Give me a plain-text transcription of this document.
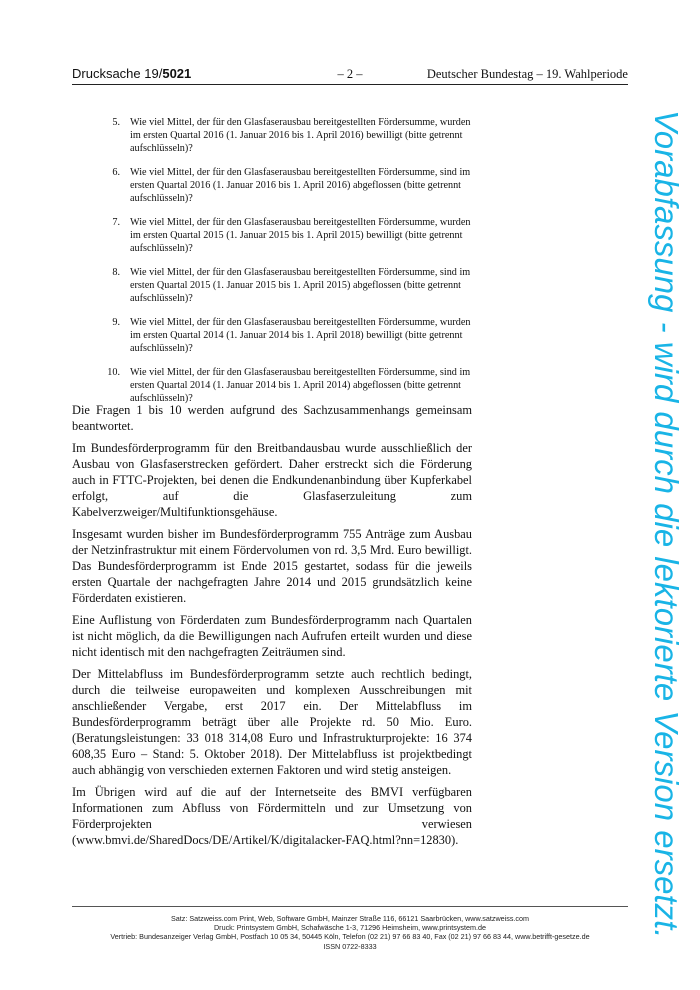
Drucksache 19/5021	– 2 –	Deutscher Bundestag – 19. Wahlperiode
5. Wie viel Mittel, der für den Glasfaserausbau bereitgestellten Fördersumme, wurden im ersten Quartal 2016 (1. Januar 2016 bis 1. April 2016) bewilligt (bitte getrennt aufschlüsseln)?
6. Wie viel Mittel, der für den Glasfaserausbau bereitgestellten Fördersumme, sind im ersten Quartal 2016 (1. Januar 2016 bis 1. April 2016) abgeflossen (bitte getrennt aufschlüsseln)?
7. Wie viel Mittel, der für den Glasfaserausbau bereitgestellten Fördersumme, wurden im ersten Quartal 2015 (1. Januar 2015 bis 1. April 2015) bewilligt (bitte getrennt aufschlüsseln)?
8. Wie viel Mittel, der für den Glasfaserausbau bereitgestellten Fördersumme, sind im ersten Quartal 2015 (1. Januar 2015 bis 1. April 2015) abgeflossen (bitte getrennt aufschlüsseln)?
9. Wie viel Mittel, der für den Glasfaserausbau bereitgestellten Fördersumme, wurden im ersten Quartal 2014 (1. Januar 2014 bis 1. April 2018) bewilligt (bitte getrennt aufschlüsseln)?
10. Wie viel Mittel, der für den Glasfaserausbau bereitgestellten Fördersumme, sind im ersten Quartal 2014 (1. Januar 2014 bis 1. April 2014) abgeflossen (bitte getrennt aufschlüsseln)?

Die Fragen 1 bis 10 werden aufgrund des Sachzusammenhangs gemeinsam beantwortet.

Im Bundesförderprogramm für den Breitbandausbau wurde ausschließlich der Ausbau von Glasfaserstrecken gefördert. Daher erstreckt sich die Förderung auch in FTTC-Projekten, bei denen die Endkundenanbindung über Kupferkabel erfolgt, auf die Glasfaserzuleitung zum Kabelverzweiger/Multifunktionsgehäuse.

Insgesamt wurden bisher im Bundesförderprogramm 755 Anträge zum Ausbau der Netzinfrastruktur mit einem Fördervolumen von rd. 3,5 Mrd. Euro bewilligt. Das Bundesförderprogramm ist Ende 2015 gestartet, sodass für die jeweils ersten Quartale der nachgefragten Jahre 2014 und 2015 grundsätzlich keine Förderdaten existieren.

Eine Auflistung von Förderdaten zum Bundesförderprogramm nach Quartalen ist nicht möglich, da die Bewilligungen nach Aufrufen erteilt wurden und diese nicht identisch mit den nachgefragten Zeiträumen sind.

Der Mittelabfluss im Bundesförderprogramm setzte auch rechtlich bedingt, durch die teilweise europaweiten und komplexen Ausschreibungen mit anschließender Vergabe, erst 2017 ein. Der Mittelabfluss im Bundesförderprogramm beträgt über alle Projekte rd. 50 Mio. Euro. (Beratungsleistungen: 33 018 314,08 Euro und Infrastrukturprojekte: 16 374 608,35 Euro – Stand: 5. Oktober 2018). Der Mittelabfluss ist projektbedingt auch abhängig von verschieden externen Faktoren und wird stetig ansteigen.

Im Übrigen wird auf die auf der Internetseite des BMVI verfügbaren Informationen zum Abfluss von Fördermitteln und zur Umsetzung von Förderprojekten verwiesen (www.bmvi.de/SharedDocs/DE/Artikel/K/digitalacker-FAQ.html?nn=12830).

Satz: Satzweiss.com Print, Web, Software GmbH, Mainzer Straße 116, 66121 Saarbrücken, www.satzweiss.com
Druck: Printsystem GmbH, Schafwäsche 1-3, 71296 Heimsheim, www.printsystem.de
Vertrieb: Bundesanzeiger Verlag GmbH, Postfach 10 05 34, 50445 Köln, Telefon (02 21) 97 66 83 40, Fax (02 21) 97 66 83 44, www.betrifft-gesetze.de
ISSN 0722-8333
Vorabfassung - wird durch die lektorierte Version ersetzt.
